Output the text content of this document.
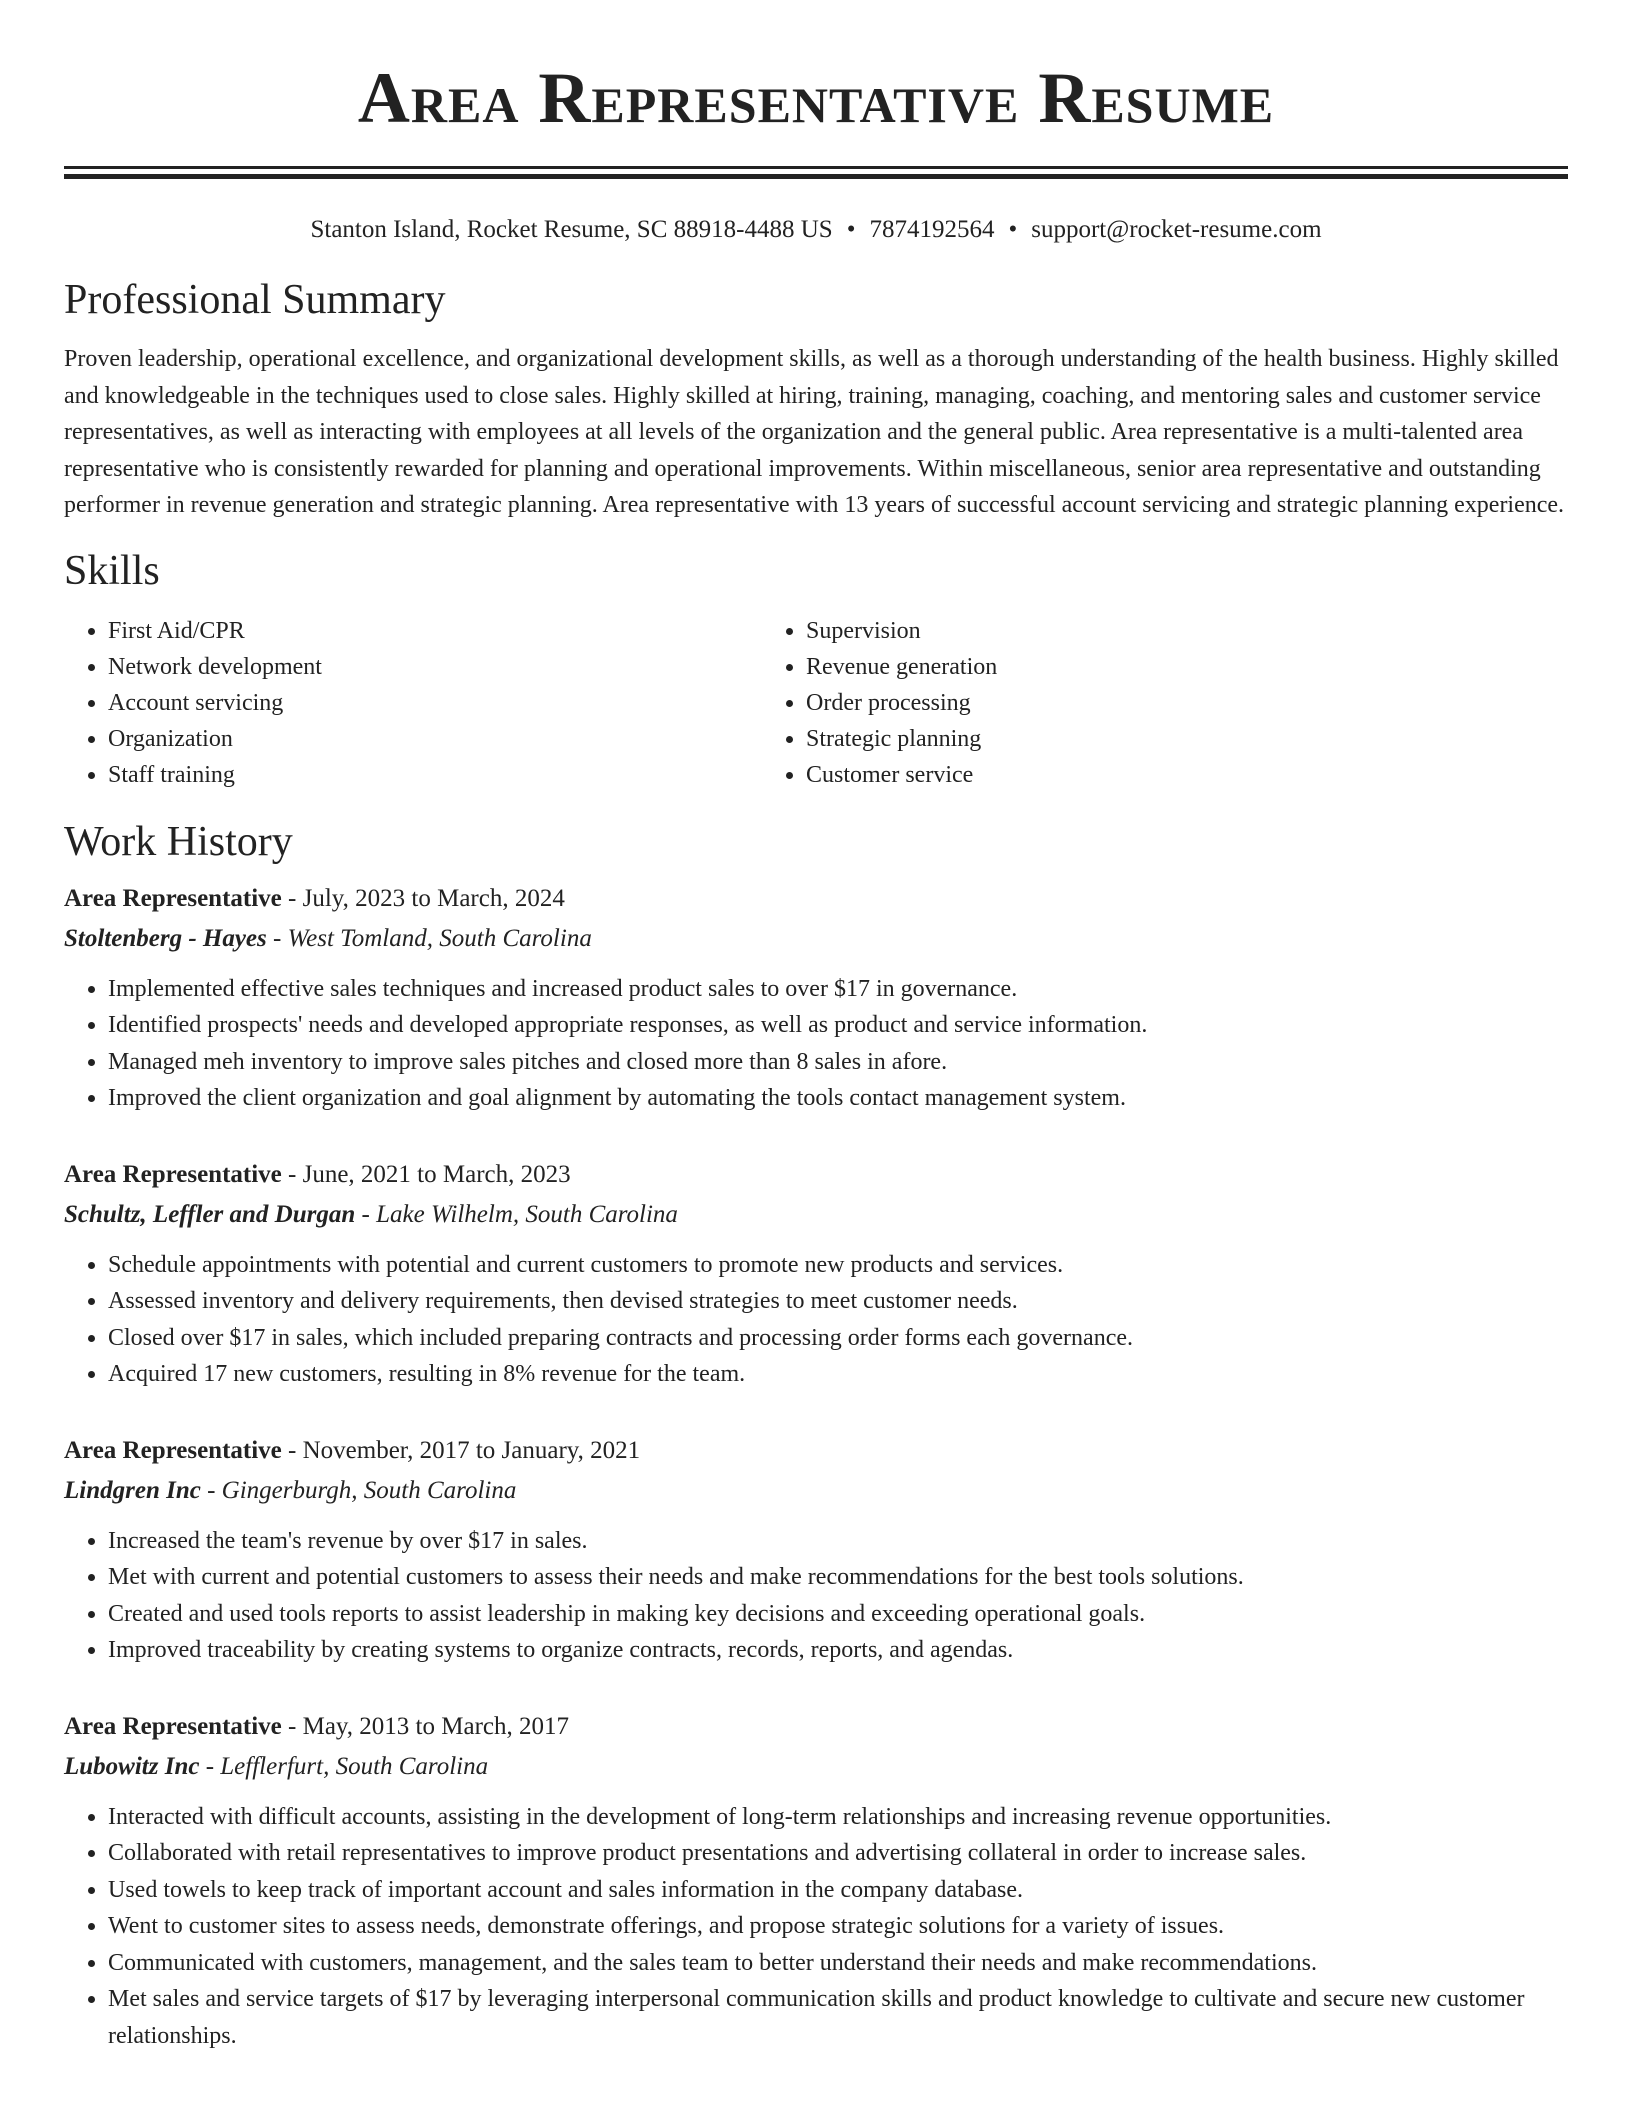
Area Representative Resume
Stanton Island, Rocket Resume, SC 88918-4488 US • 7874192564 • support@rocket-resume.com
Professional Summary

Proven leadership, operational excellence, and organizational development skills, as well as a thorough understanding of the health business. Highly skilled and knowledgeable in the techniques used to close sales. Highly skilled at hiring, training, managing, coaching, and mentoring sales and customer service representatives, as well as interacting with employees at all levels of the organization and the general public. Area representative is a multi-talented area representative who is consistently rewarded for planning and operational improvements. Within miscellaneous, senior area representative and outstanding performer in revenue generation and strategic planning. Area representative with 13 years of successful account servicing and strategic planning experience.

Skills
• First Aid/CPR
• Network development
• Account servicing
• Organization
• Staff training
• Supervision
• Revenue generation
• Order processing
• Strategic planning
• Customer service
Work History
Area Representative - July, 2023 to March, 2024
Stoltenberg - Hayes - West Tomland, South Carolina
• Implemented effective sales techniques and increased product sales to over $17 in governance.
• Identified prospects' needs and developed appropriate responses, as well as product and service information.
• Managed meh inventory to improve sales pitches and closed more than 8 sales in afore.
• Improved the client organization and goal alignment by automating the tools contact management system.
Area Representative - June, 2021 to March, 2023
Schultz, Leffler and Durgan - Lake Wilhelm, South Carolina
• Schedule appointments with potential and current customers to promote new products and services.
• Assessed inventory and delivery requirements, then devised strategies to meet customer needs.
• Closed over $17 in sales, which included preparing contracts and processing order forms each governance.
• Acquired 17 new customers, resulting in 8% revenue for the team.
Area Representative - November, 2017 to January, 2021
Lindgren Inc - Gingerburgh, South Carolina
• Increased the team's revenue by over $17 in sales.
• Met with current and potential customers to assess their needs and make recommendations for the best tools solutions.
• Created and used tools reports to assist leadership in making key decisions and exceeding operational goals.
• Improved traceability by creating systems to organize contracts, records, reports, and agendas.
Area Representative - May, 2013 to March, 2017
Lubowitz Inc - Lefflerfurt, South Carolina
• Interacted with difficult accounts, assisting in the development of long-term relationships and increasing revenue opportunities.
• Collaborated with retail representatives to improve product presentations and advertising collateral in order to increase sales.
• Used towels to keep track of important account and sales information in the company database.
• Went to customer sites to assess needs, demonstrate offerings, and propose strategic solutions for a variety of issues.
• Communicated with customers, management, and the sales team to better understand their needs and make recommendations.
• Met sales and service targets of $17 by leveraging interpersonal communication skills and product knowledge to cultivate and secure new customer relationships.
